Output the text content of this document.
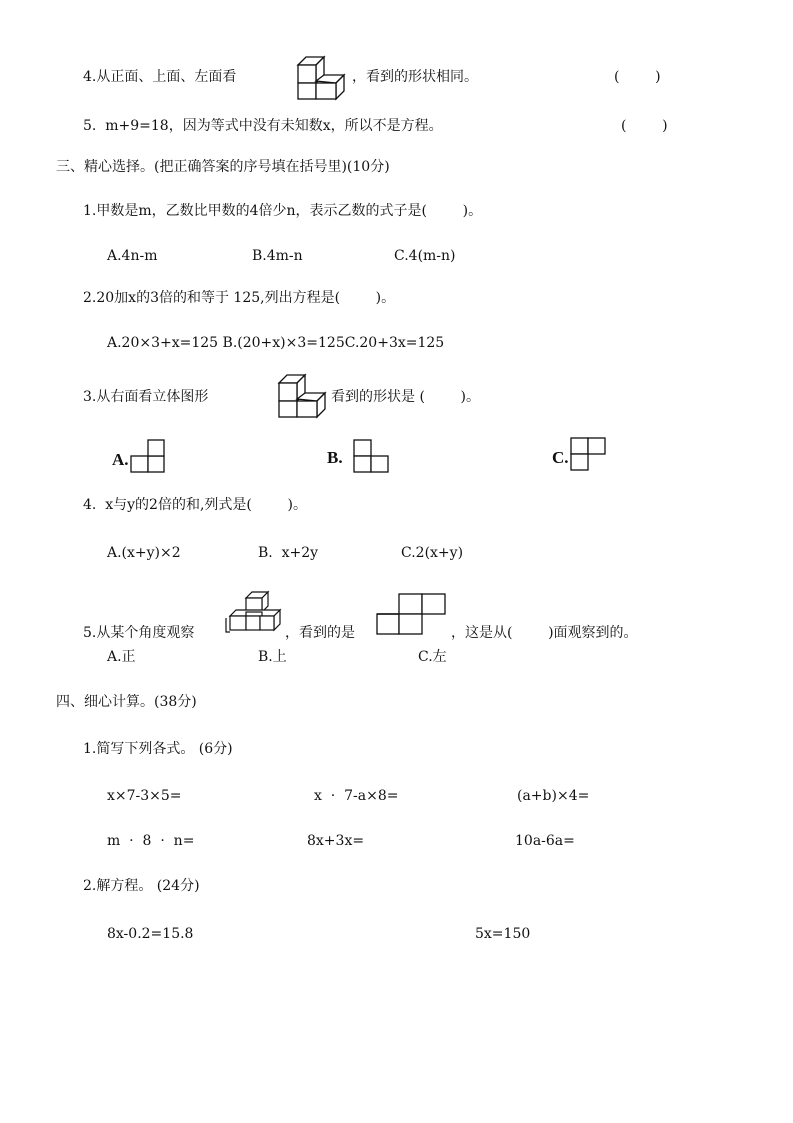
4.从正面、上面、左面看	，看到的形状相同。	(        )
5.  m+9=18，因为等式中没有未知数x，所以不是方程。	(        )
三、精心选择。(把正确答案的序号填在括号里)(10分)
1.甲数是m，乙数比甲数的4倍少n，表示乙数的式子是(        )。
A.4n-m	B.4m-n	C.4(m-n)
2.20加x的3倍的和等于 125,列出方程是(        )。
A.20×3+x=125 B.(20+x)×3=125C.20+3x=125
3.从右面看立体图形	看到的形状是 (        )。
A.	B.	C.
4.  x与y的2倍的和,列式是(        )。
A.(x+y)×2	B.  x+2y	C.2(x+y)
5.从某个角度观察	，看到的是	，这是从(        )面观察到的。
A.正	B.上	C.左
四、细心计算。(38分)
1.简写下列各式。 (6分)
x×7-3×5=	x  ·  7-a×8=	(a+b)×4=
m  ·  8  ·  n=	8x+3x=	10a-6a=
2.解方程。 (24分)
8x-0.2=15.8	5x=150
